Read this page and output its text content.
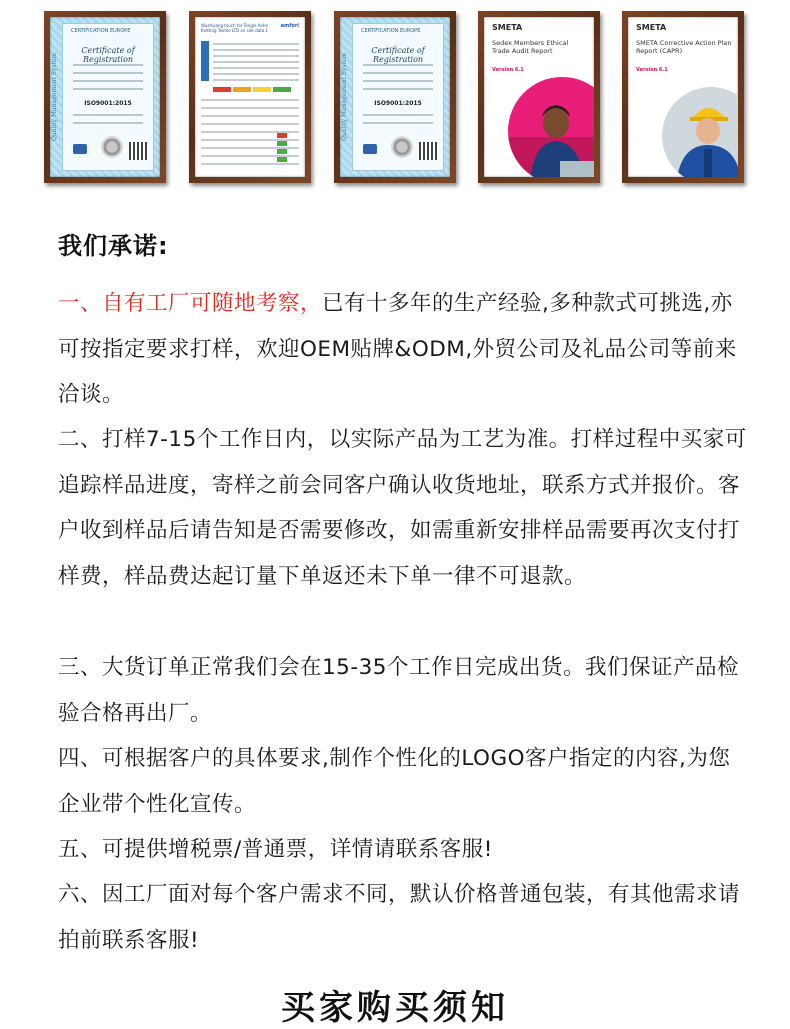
Quality Management System
CERTIFICATION EUROPE
Certificate of Registration
ISO9001:2015
Wuzhiyang touch for Tongle Anhe Knitting Textile LTD on site data 1
amfori
Quality Management System
CERTIFICATION EUROPE
Certificate of Registration
ISO9001:2015
SMETA
Sedex Members Ethical Trade Audit Report
Version 6.1
SMETA
SMETA Corrective Action Plan Report (CAPR)
Version 6.1
我们承诺:

一、自有工厂可随地考察，已有十多年的生产经验,多种款式可挑选,亦可按指定要求打样，欢迎OEM贴牌&ODM,外贸公司及礼品公司等前来洽谈。

二、打样7-15个工作日内，以实际产品为工艺为准。打样过程中买家可追踪样品进度，寄样之前会同客户确认收货地址，联系方式并报价。客户收到样品后请告知是否需要修改，如需重新安排样品需要再次支付打样费，样品费达起订量下单返还未下单一律不可退款。

三、大货订单正常我们会在15-35个工作日完成出货。我们保证产品检验合格再出厂。

四、可根据客户的具体要求,制作个性化的LOGO客户指定的内容,为您企业带个性化宣传。

五、可提供增税票/普通票，详情请联系客服!

六、因工厂面对每个客户需求不同，默认价格普通包装，有其他需求请拍前联系客服!

买家购买须知
